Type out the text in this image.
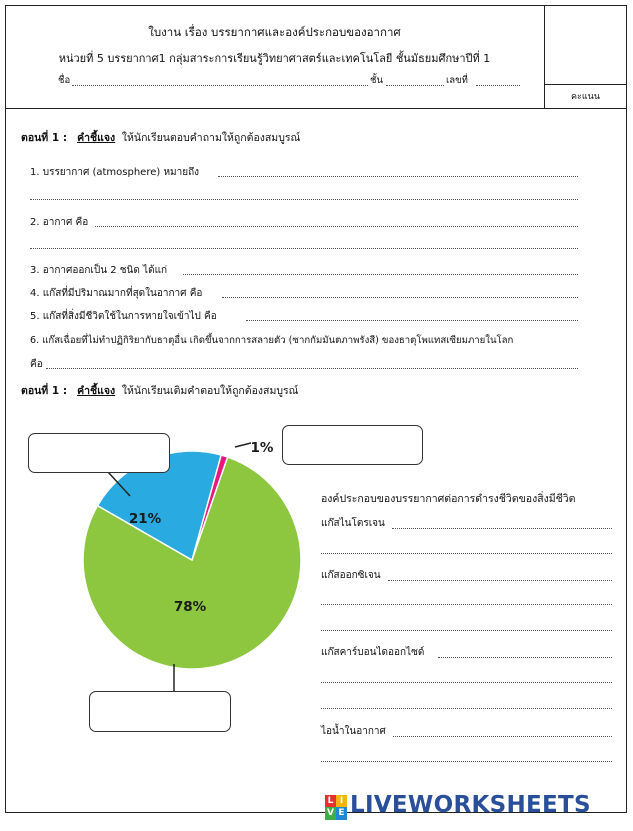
ใบงาน เรื่อง บรรยากาศและองค์ประกอบของอากาศ
หน่วยที่ 5 บรรยากาศ1 กลุ่มสาระการเรียนรู้วิทยาศาสตร์และเทคโนโลยี ชั้นมัธยมศึกษาปีที่ 1
ชื่อ	ชั้น	เลขที่
คะแนน
ตอนที่ 1 : คำชี้แจง ให้นักเรียนตอบคำถามให้ถูกต้องสมบูรณ์
1. บรรยากาศ (atmosphere) หมายถึง
2. อากาศ คือ
3. อากาศออกเป็น 2 ชนิด ได้แก่
4. แก๊สที่มีปริมาณมากที่สุดในอากาศ คือ
5. แก๊สที่สิ่งมีชีวิตใช้ในการหายใจเข้าไป คือ
6. แก๊สเฉื่อยที่ไม่ทำปฏิกิริยากับธาตุอื่น เกิดขึ้นจากการสลายตัว (ซากกัมมันตภาพรังสี) ของธาตุโพแทสเซียมภายในโลก
คือ
ตอนที่ 1 : คำชี้แจง ให้นักเรียนเติมคำตอบให้ถูกต้องสมบูรณ์
21%
78%
1%
องค์ประกอบของบรรยากาศต่อการดำรงชีวิตของสิ่งมีชีวิต
แก๊สไนโตรเจน
แก๊สออกซิเจน
แก๊สคาร์บอนไดออกไซด์
ไอน้ำในอากาศ
L I
V E LIVEWORKSHEETS
